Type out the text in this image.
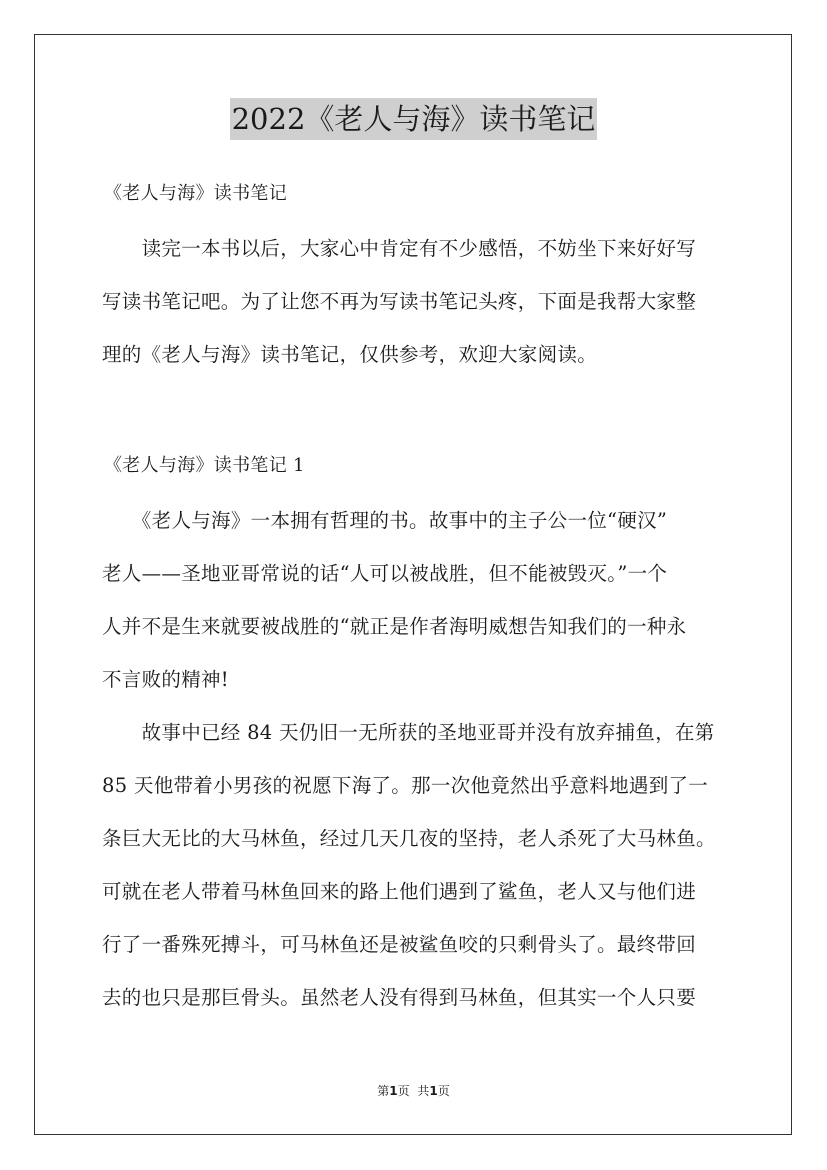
2022《老人与海》读书笔记
《老人与海》读书笔记
　　读完一本书以后，大家心中肯定有不少感悟，不妨坐下来好好写
写读书笔记吧。为了让您不再为写读书笔记头疼，下面是我帮大家整
理的《老人与海》读书笔记，仅供参考，欢迎大家阅读。
《老人与海》读书笔记 1
　　《老人与海》一本拥有哲理的书。故事中的主子公一位“硬汉”
老人——圣地亚哥常说的话“人可以被战胜，但不能被毁灭。”一个
人并不是生来就要被战胜的“就正是作者海明威想告知我们的一种永
不言败的精神!
　　故事中已经 84 天仍旧一无所获的圣地亚哥并没有放弃捕鱼，在第
85 天他带着小男孩的祝愿下海了。那一次他竟然出乎意料地遇到了一
条巨大无比的大马林鱼，经过几天几夜的坚持，老人杀死了大马林鱼。
可就在老人带着马林鱼回来的路上他们遇到了鲨鱼，老人又与他们进
行了一番殊死搏斗，可马林鱼还是被鲨鱼咬的只剩骨头了。最终带回
去的也只是那巨骨头。虽然老人没有得到马林鱼，但其实一个人只要
第1页 共1页
